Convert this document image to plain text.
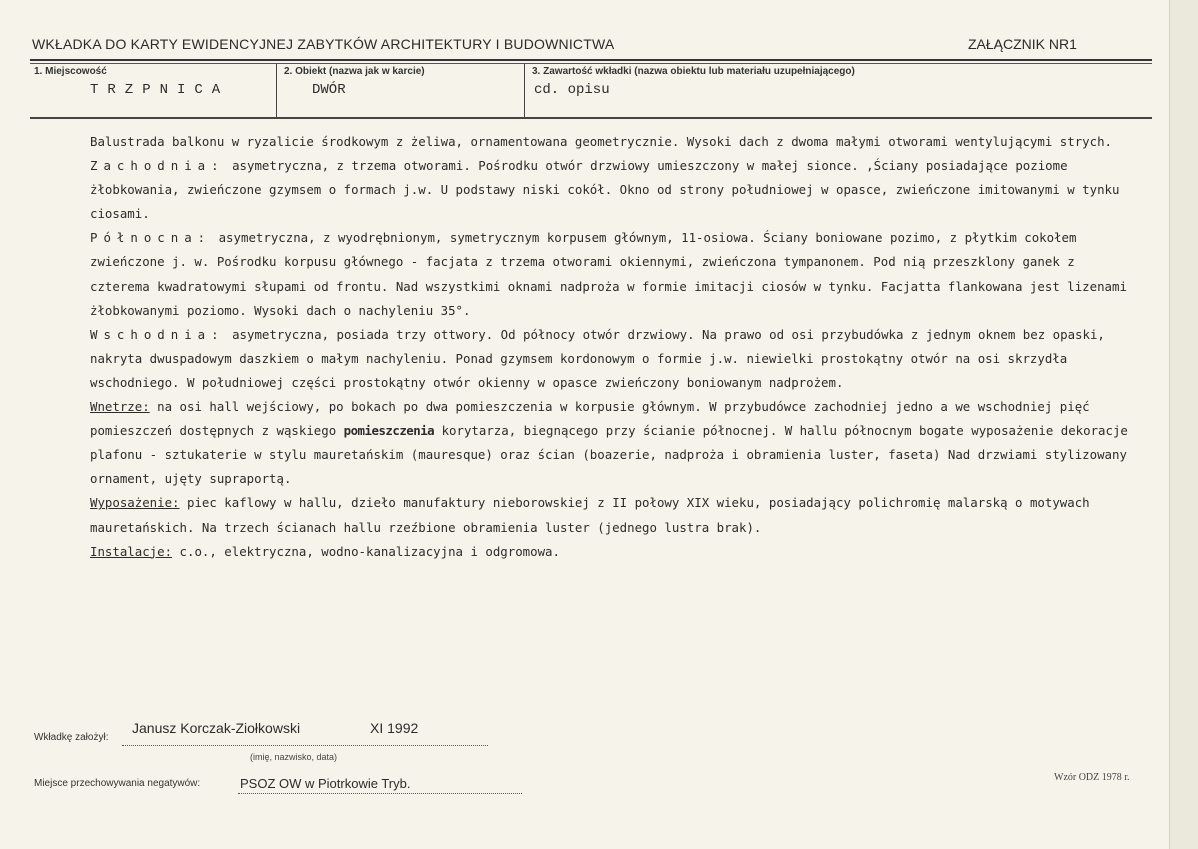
WKŁADKA DO KARTY EWIDENCYJNEJ ZABYTKÓW ARCHITEKTURY I BUDOWNICTWA	ZAŁĄCZNIK NR1
1. Miejscowość	2. Obiekt (nazwa jak w karcie)	3. Zawartość wkładki (nazwa obiektu lub materiału uzupełniającego)
TRZPNICA	DWÓR	cd. opisu

Balustrada balkonu w ryzalicie środkowym z żeliwa, ornamentowana geometrycznie. Wysoki dach z dwoma małymi otworami wentylującymi strych.

Zachodnia: asymetryczna, z trzema otworami. Pośrodku otwór drzwiowy umieszczony w małej sionce. ‚Ściany posiadające poziome żłobkowania, zwieńczone gzymsem o formach j.w. U podstawy niski cokół. Okno od strony południowej w opasce, zwieńczone imitowanymi w tynku ciosami.

Północna: asymetryczna, z wyodrębnionym, symetrycznym korpusem głównym, 11-osiowa. Ściany boniowane pozimo, z płytkim cokołem zwieńczone j. w. Pośrodku korpusu głównego - facjata z trzema otworami okiennymi, zwieńczona tympanonem. Pod nią przeszklony ganek z czterema kwadratowymi słupami od frontu. Nad wszystkimi oknami nadproża w formie imitacji ciosów w tynku. Facjatta flankowana jest lizenami żłobkowanymi poziomo. Wysoki dach o nachyleniu 35°.

Wschodnia: asymetryczna, posiada trzy ottwory. Od północy otwór drzwiowy. Na prawo od osi przybudówka z jednym oknem bez opaski, nakryta dwuspadowym daszkiem o małym nachyleniu. Ponad gzymsem kordonowym o formie j.w. niewielki prostokątny otwór na osi skrzydła wschodniego. W południowej części prostokątny otwór okienny w opasce zwieńczony boniowanym nadprożem.

Wnetrze: na osi hall wejściowy, po bokach po dwa pomieszczenia w korpusie głównym. W przybudówce zachodniej jedno a we wschodniej pięć pomieszczeń dostępnych z wąskiego pomieszczenia korytarza, biegnącego przy ścianie północnej. W hallu północnym bogate wyposażenie dekoracje plafonu - sztukaterie w stylu mauretańskim (mauresque) oraz ścian (boazerie, nadproża i obramienia luster, faseta) Nad drzwiami stylizowany ornament, ujęty supraportą.

Wyposażenie: piec kaflowy w hallu, dzieło manufaktury nieborowskiej z II połowy XIX wieku, posiadający polichromię malarską o motywach mauretańskich. Na trzech ścianach hallu rzeźbione obramienia luster (jednego lustra brak).

Instalacje: c.o., elektryczna, wodno-kanalizacyjna i odgromowa.

Wkładkę założył:
Janusz Korczak-Ziołkowski	XI 1992
(imię, nazwisko, data)
Miejsce przechowywania negatywów:	PSOZ OW w Piotrkowie Tryb.	Wzór ODZ 1978 r.
